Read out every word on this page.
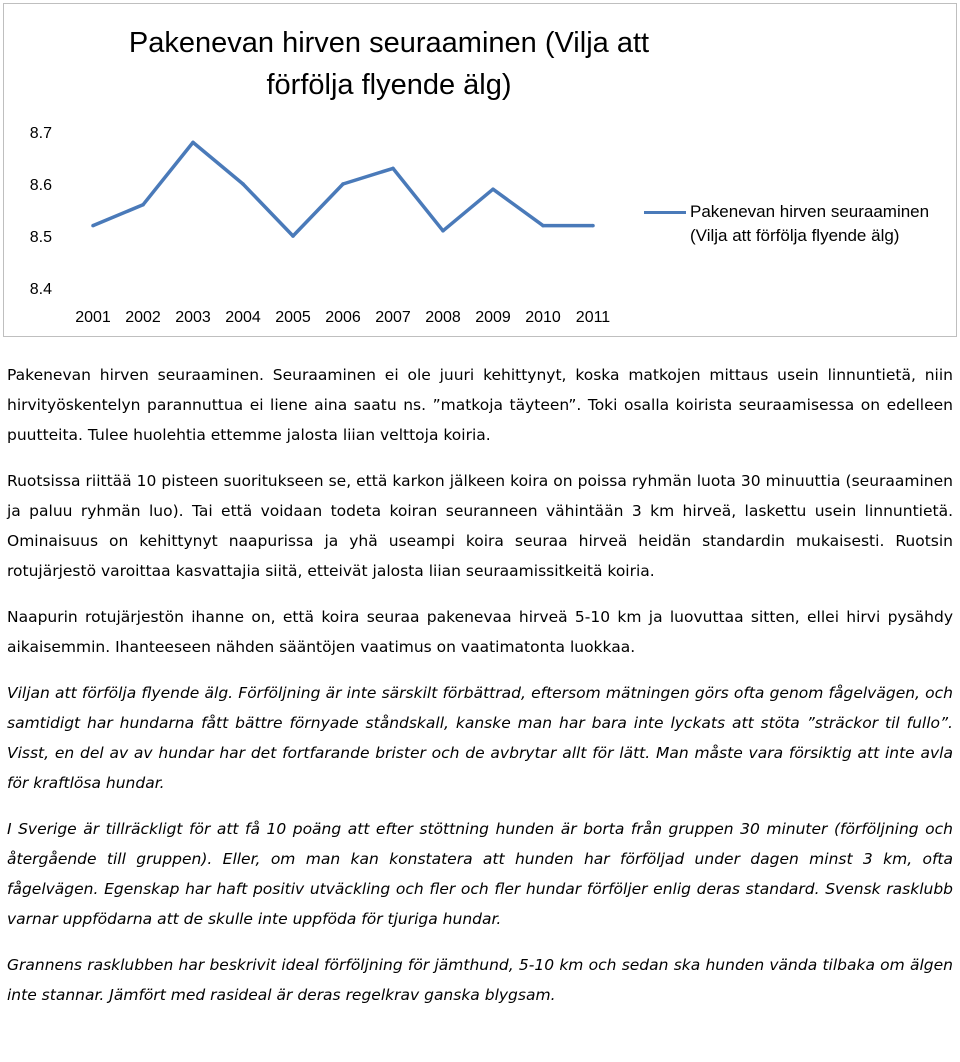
8.4
8.5
8.6
8.7
2001 2002 2003 2004 2005 2006 2007 2008 2009 2010 2011
Pakenevan hirven seuraaminen (Vilja att förfölja flyende älg)
Pakenevan hirven seuraaminen (Vilja att förfölja flyende älg)

Pakenevan hirven seuraaminen. Seuraaminen ei ole juuri kehittynyt, koska matkojen mittaus usein linnuntietä, niin hirvityöskentelyn parannuttua ei liene aina saatu ns. ”matkoja täyteen”. Toki osalla koirista seuraamisessa on edelleen puutteita. Tulee huolehtia ettemme jalosta liian velttoja koiria.

Ruotsissa riittää 10 pisteen suoritukseen se, että karkon jälkeen koira on poissa ryhmän luota 30 minuuttia (seuraaminen ja paluu ryhmän luo). Tai että voidaan todeta koiran seuranneen vähintään 3 km hirveä, laskettu usein linnuntietä. Ominaisuus on kehittynyt naapurissa ja yhä useampi koira seuraa hirveä heidän standardin mukaisesti. Ruotsin rotujärjestö varoittaa kasvattajia siitä, etteivät jalosta liian seuraamissitkeitä koiria.

Naapurin rotujärjestön ihanne on, että koira seuraa pakenevaa hirveä 5-10 km ja luovuttaa sitten, ellei hirvi pysähdy aikaisemmin. Ihanteeseen nähden sääntöjen vaatimus on vaatimatonta luokkaa.

Viljan att förfölja flyende älg. Förföljning är inte särskilt förbättrad, eftersom mätningen görs ofta genom fågelvägen, och samtidigt har hundarna fått bättre förnyade ståndskall, kanske man har bara inte lyckats att stöta ”sträckor til fullo”. Visst, en del av av hundar har det fortfarande brister och de avbrytar allt för lätt. Man måste vara försiktig att inte avla för kraftlösa hundar.

I Sverige är tillräckligt för att få 10 poäng att efter stöttning hunden är borta från gruppen 30 minuter (förföljning och återgående till gruppen). Eller, om man kan konstatera att hunden har förföljad under dagen minst 3 km, ofta fågelvägen. Egenskap har haft positiv utväckling och fler och fler hundar förföljer enlig deras standard. Svensk rasklubb varnar uppfödarna att de skulle inte uppföda för tjuriga hundar.

Grannens rasklubben har beskrivit ideal förföljning för jämthund, 5-10 km och sedan ska hunden vända tilbaka om älgen inte stannar. Jämfört med rasideal är deras regelkrav ganska blygsam.
